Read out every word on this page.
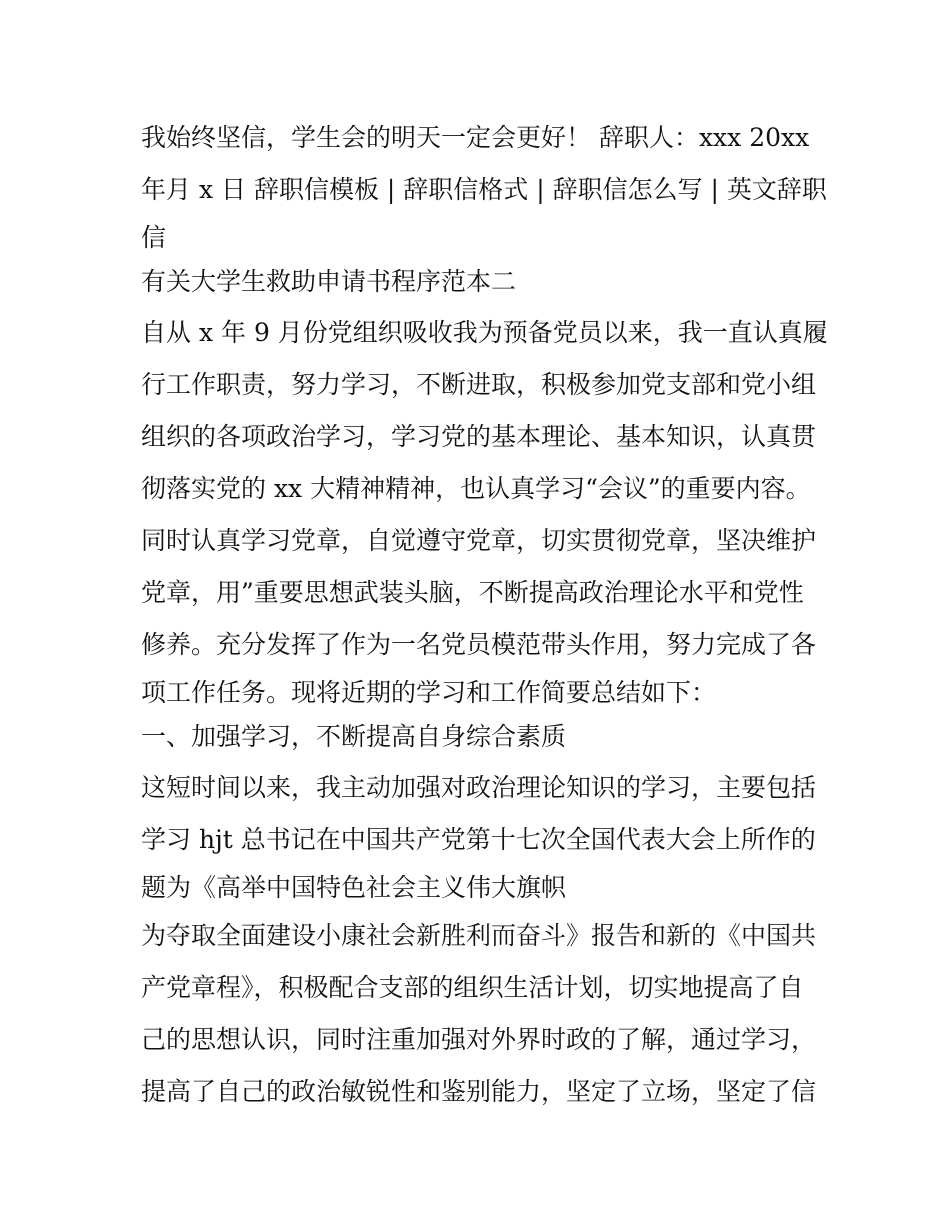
我始终坚信，学生会的明天一定会更好！ 辞职人：xxx 20xx
年月 x 日 辞职信模板 | 辞职信格式 | 辞职信怎么写 | 英文辞职
信
有关大学生救助申请书程序范本二
自从 x 年 9 月份党组织吸收我为预备党员以来，我一直认真履
行工作职责，努力学习，不断进取，积极参加党支部和党小组
组织的各项政治学习，学习党的基本理论、基本知识，认真贯
彻落实党的 xx 大精神精神，也认真学习“会议”的重要内容。
同时认真学习党章，自觉遵守党章，切实贯彻党章，坚决维护
党章，用”重要思想武装头脑，不断提高政治理论水平和党性
修养。充分发挥了作为一名党员模范带头作用，努力完成了各
项工作任务。现将近期的学习和工作简要总结如下：
一、加强学习，不断提高自身综合素质
这短时间以来，我主动加强对政治理论知识的学习，主要包括
学习 hjt 总书记在中国共产党第十七次全国代表大会上所作的
题为《高举中国特色社会主义伟大旗帜
为夺取全面建设小康社会新胜利而奋斗》报告和新的《中国共
产党章程》，积极配合支部的组织生活计划，切实地提高了自
己的思想认识，同时注重加强对外界时政的了解，通过学习，
提高了自己的政治敏锐性和鉴别能力，坚定了立场，坚定了信
